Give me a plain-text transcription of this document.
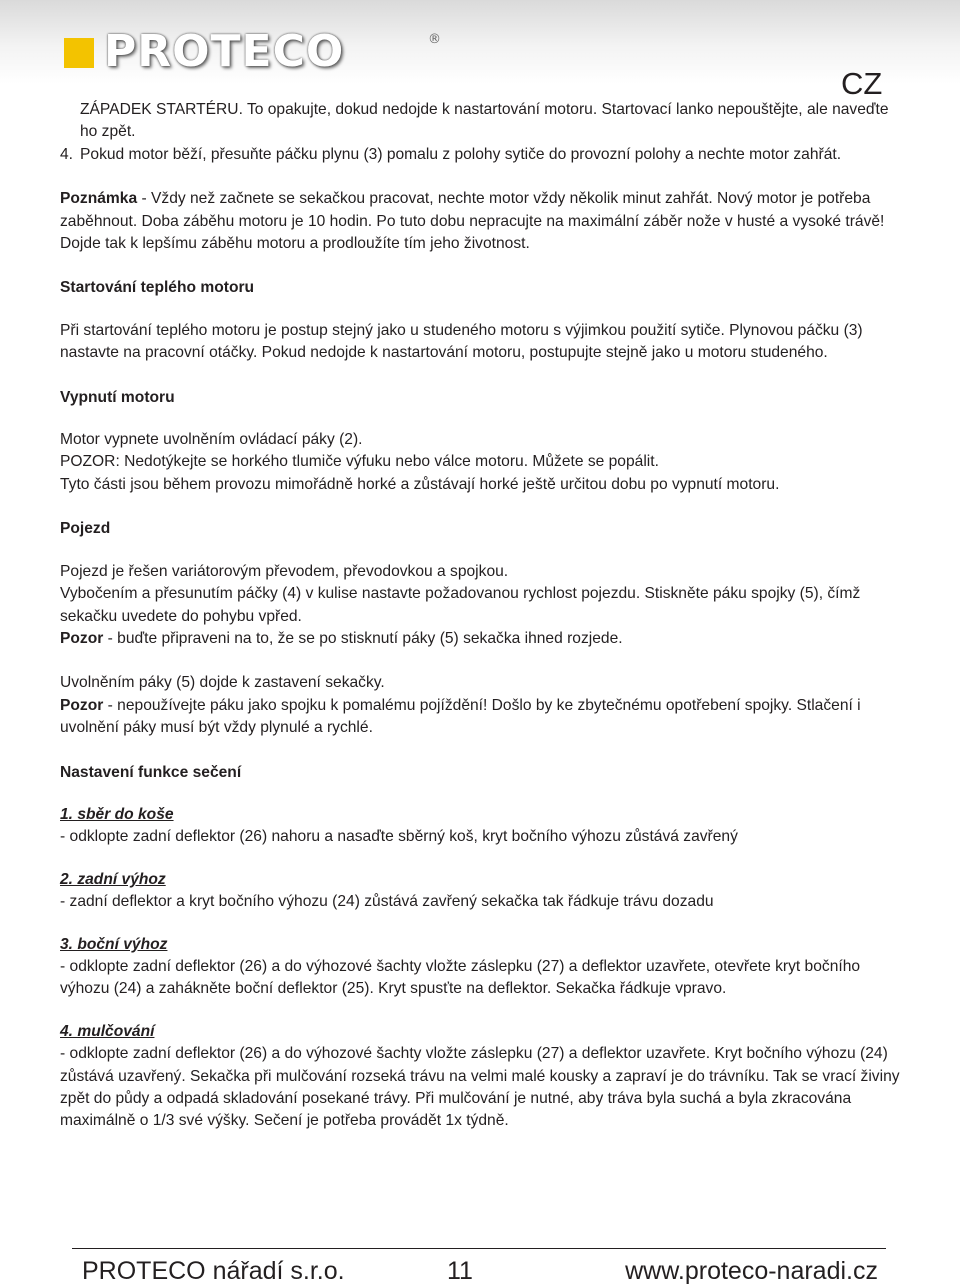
PROTECO	®
CZ

ZÁPADEK STARTÉRU. To opakujte, dokud nedojde k nastartování motoru. Startovací lanko nepouštějte, ale naveďte ho zpět.

4. Pokud motor běží, přesuňte páčku plynu (3) pomalu z polohy sytiče do provozní polohy a nechte motor zahřát.

Poznámka - Vždy než začnete se sekačkou pracovat, nechte motor vždy několik minut zahřát. Nový motor je potřeba zaběhnout. Doba záběhu motoru je 10 hodin. Po tuto dobu nepracujte na maximální záběr nože v husté a vysoké trávě! Dojde tak k lepšímu záběhu motoru a prodloužíte tím jeho životnost.

Startování teplého motoru

Při startování teplého motoru je postup stejný jako u studeného motoru s výjimkou použití sytiče. Plynovou páčku (3) nastavte na pracovní otáčky. Pokud nedojde k nastartování motoru, postupujte stejně jako u motoru studeného.

Vypnutí motoru

Motor vypnete uvolněním ovládací páky (2).

POZOR: Nedotýkejte se horkého tlumiče výfuku nebo válce motoru. Můžete se popálit.

Tyto části jsou během provozu mimořádně horké a zůstávají horké ještě určitou dobu po vypnutí motoru.

Pojezd

Pojezd je řešen variátorovým převodem, převodovkou a spojkou.

Vybočením a přesunutím páčky (4) v kulise nastavte požadovanou rychlost pojezdu. Stiskněte páku spojky (5), čímž sekačku uvedete do pohybu vpřed.

Pozor - buďte připraveni na to, že se po stisknutí páky (5) sekačka ihned rozjede.

Uvolněním páky (5) dojde k zastavení sekačky.

Pozor - nepoužívejte páku jako spojku k pomalému pojíždění! Došlo by ke zbytečnému opotřebení spojky. Stlačení i uvolnění páky musí být vždy plynulé a rychlé.

Nastavení funkce sečení

1. sběr do koše

- odklopte zadní deflektor (26) nahoru a nasaďte sběrný koš, kryt bočního výhozu zůstává zavřený

2. zadní výhoz

- zadní deflektor a kryt bočního výhozu (24) zůstává zavřený sekačka tak řádkuje trávu dozadu

3. boční výhoz

- odklopte zadní deflektor (26) a do výhozové šachty vložte záslepku (27) a deflektor uzavřete, otevřete kryt bočního výhozu (24) a zahákněte boční deflektor (25). Kryt spusťte na deflektor. Sekačka řádkuje vpravo.

4. mulčování

- odklopte zadní deflektor (26) a do výhozové šachty vložte záslepku (27) a deflektor uzavřete. Kryt bočního výhozu (24) zůstává uzavřený. Sekačka při mulčování rozseká trávu na velmi malé kousky a zapraví je do trávníku. Tak se vrací živiny zpět do půdy a odpadá skladování posekané trávy. Při mulčování je nutné, aby tráva byla suchá a byla zkracována maximálně o 1/3 své výšky. Sečení je potřeba provádět 1x týdně.

PROTECO nářadí s.r.o.	11	www.proteco-naradi.cz
